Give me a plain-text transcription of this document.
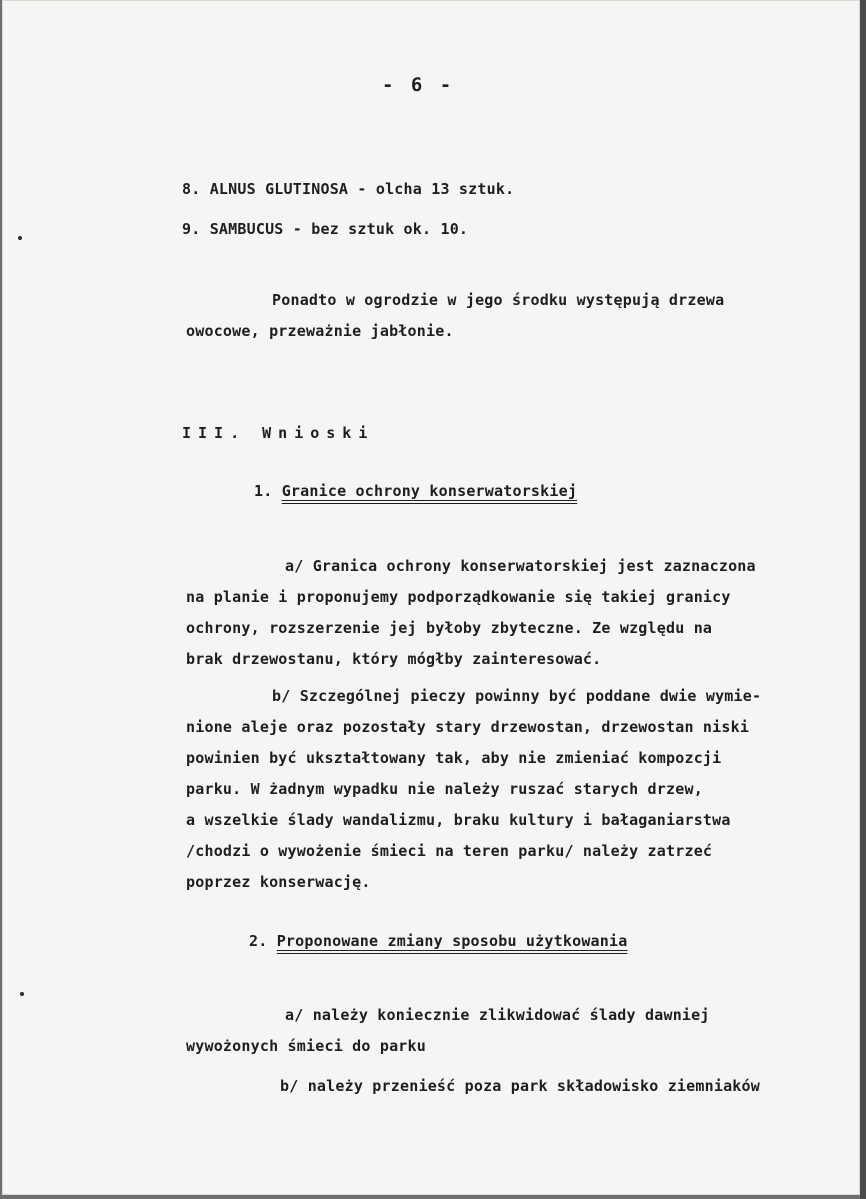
- 6 -
8. ALNUS GLUTINOSA - olcha 13 sztuk.
9. SAMBUCUS - bez sztuk ok. 10.
Ponadto w ogrodzie w jego środku występują drzewa
owocowe, przeważnie jabłonie.
III. Wnioski
1. Granice ochrony konserwatorskiej
a/ Granica ochrony konserwatorskiej jest zaznaczona
na planie i proponujemy podporządkowanie się takiej granicy
ochrony, rozszerzenie jej byłoby zbyteczne. Ze względu na
brak drzewostanu, który mógłby zainteresować.
b/ Szczególnej pieczy powinny być poddane dwie wymie-
nione aleje oraz pozostały stary drzewostan, drzewostan niski
powinien być ukształtowany tak, aby nie zmieniać kompozcji
parku. W żadnym wypadku nie należy ruszać starych drzew,
a wszelkie ślady wandalizmu, braku kultury i bałaganiarstwa
/chodzi o wywożenie śmieci na teren parku/ należy zatrzeć
poprzez konserwację.
2. Proponowane zmiany sposobu użytkowania
a/ należy koniecznie zlikwidować ślady dawniej
wywożonych śmieci do parku
b/ należy przenieść poza park składowisko ziemniaków
